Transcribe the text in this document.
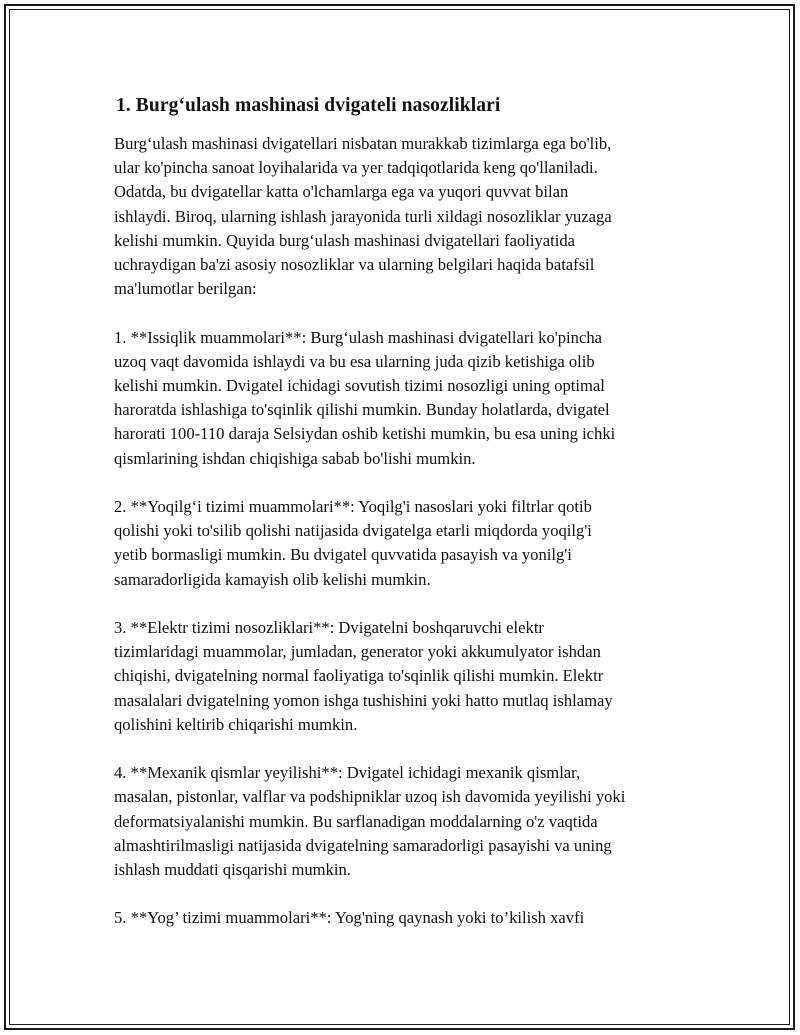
1. Burg‘ulash mashinasi dvigateli nasozliklari

Burg‘ulash mashinasi dvigatellari nisbatan murakkab tizimlarga ega bo'lib,
ular ko'pincha sanoat loyihalarida va yer tadqiqotlarida keng qo'llaniladi.
Odatda, bu dvigatellar katta o'lchamlarga ega va yuqori quvvat bilan
ishlaydi. Biroq, ularning ishlash jarayonida turli xildagi nosozliklar yuzaga
kelishi mumkin. Quyida burg‘ulash mashinasi dvigatellari faoliyatida
uchraydigan ba'zi asosiy nosozliklar va ularning belgilari haqida batafsil
ma'lumotlar berilgan:

1. **Issiqlik muammolari**: Burg‘ulash mashinasi dvigatellari ko'pincha
uzoq vaqt davomida ishlaydi va bu esa ularning juda qizib ketishiga olib
kelishi mumkin. Dvigatel ichidagi sovutish tizimi nosozligi uning optimal
haroratda ishlashiga to'sqinlik qilishi mumkin. Bunday holatlarda, dvigatel
harorati 100-110 daraja Selsiydan oshib ketishi mumkin, bu esa uning ichki
qismlarining ishdan chiqishiga sabab bo'lishi mumkin.

2. **Yoqilg‘i tizimi muammolari**: Yoqilg'i nasoslari yoki filtrlar qotib
qolishi yoki to'silib qolishi natijasida dvigatelga etarli miqdorda yoqilg'i
yetib bormasligi mumkin. Bu dvigatel quvvatida pasayish va yonilg'i
samaradorligida kamayish olib kelishi mumkin.

3. **Elektr tizimi nosozliklari**: Dvigatelni boshqaruvchi elektr
tizimlaridagi muammolar, jumladan, generator yoki akkumulyator ishdan
chiqishi, dvigatelning normal faoliyatiga to'sqinlik qilishi mumkin. Elektr
masalalari dvigatelning yomon ishga tushishini yoki hatto mutlaq ishlamay
qolishini keltirib chiqarishi mumkin.

4. **Mexanik qismlar yeyilishi**: Dvigatel ichidagi mexanik qismlar,
masalan, pistonlar, valflar va podshipniklar uzoq ish davomida yeyilishi yoki
deformatsiyalanishi mumkin. Bu sarflanadigan moddalarning o'z vaqtida
almashtirilmasligi natijasida dvigatelning samaradorligi pasayishi va uning
ishlash muddati qisqarishi mumkin.

5. **Yog’ tizimi muammolari**: Yog'ning qaynash yoki to’kilish xavfi
